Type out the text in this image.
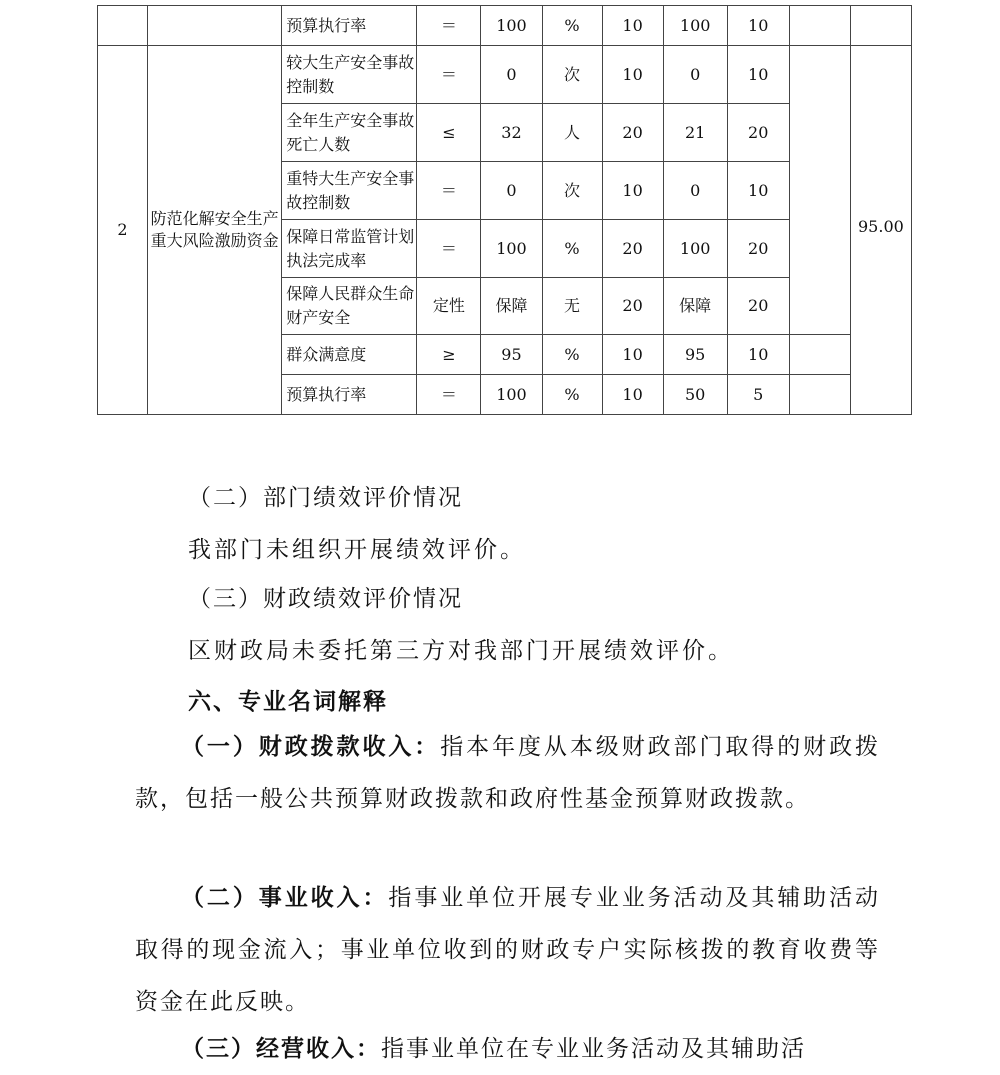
		预算执行率	＝	100	%	10	100	10		
2	防范化解安全生产重大风险激励资金	较大生产安全事故控制数	＝	0	次	10	0	10		95.00
		全年生产安全事故死亡人数	≤	32	人	20	21	20		
		重特大生产安全事故控制数	＝	0	次	10	0	10		
		保障日常监管计划执法完成率	＝	100	%	20	100	20		
		保障人民群众生命财产安全	定性	保障	无	20	保障	20		
		群众满意度	≥	95	%	10	95	10		
		预算执行率	＝	100	%	10	50	5		

（二）部门绩效评价情况

我部门未组织开展绩效评价。

（三）财政绩效评价情况

区财政局未委托第三方对我部门开展绩效评价。

六、专业名词解释

（一）财政拨款收入：指本年度从本级财政部门取得的财政拨款，包括一般公共预算财政拨款和政府性基金预算财政拨款。

（二）事业收入：指事业单位开展专业业务活动及其辅助活动取得的现金流入；事业单位收到的财政专户实际核拨的教育收费等资金在此反映。

（三）经营收入：指事业单位在专业业务活动及其辅助活
